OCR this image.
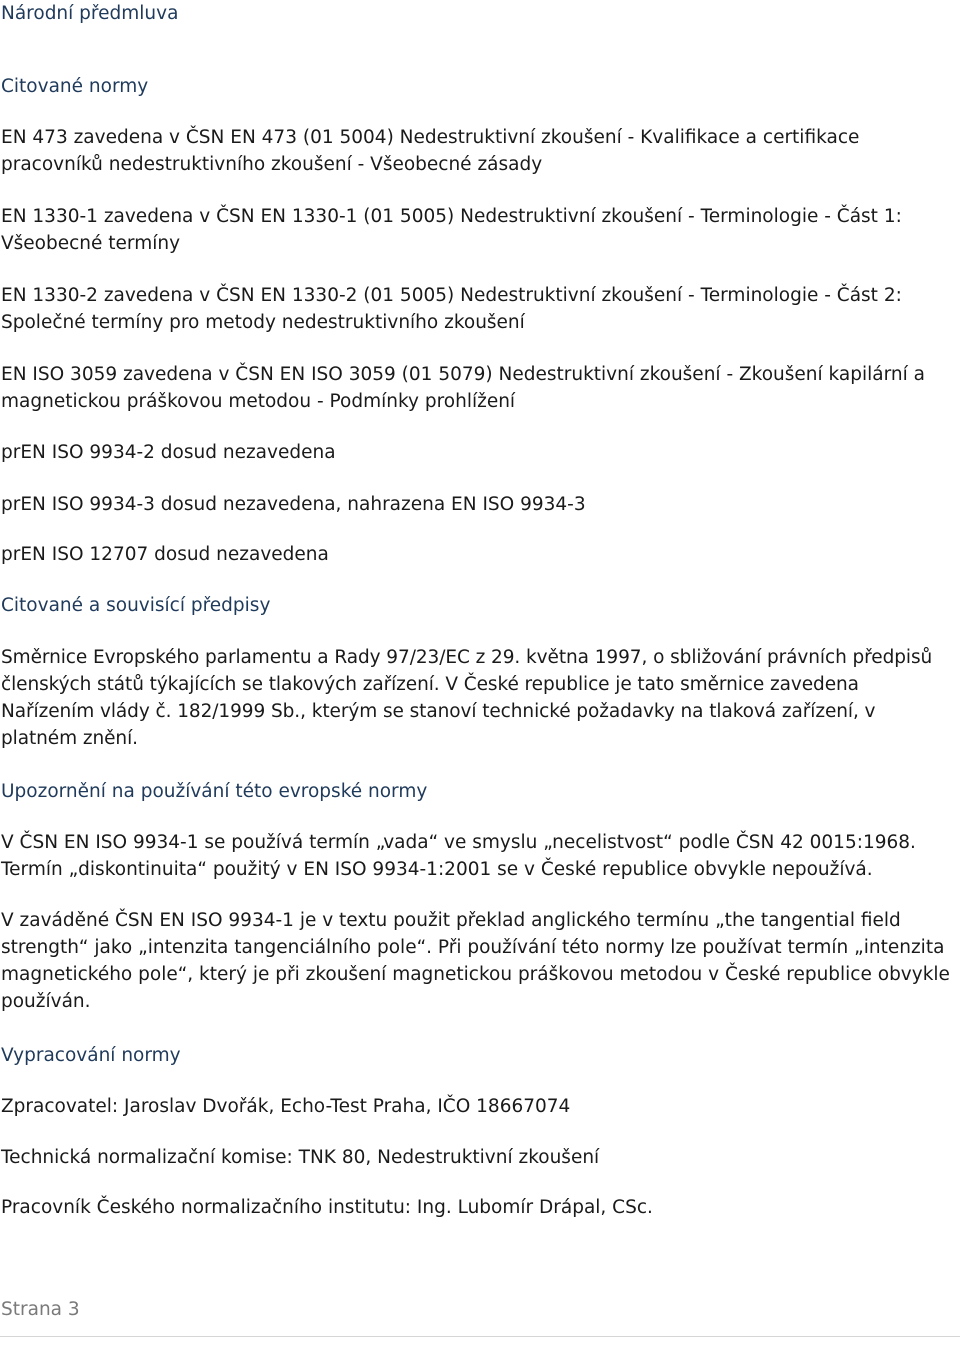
Národní předmluva

Citované normy

EN 473 zavedena v ČSN EN 473 (01 5004) Nedestruktivní zkoušení - Kvalifikace a certifikace pracovníků nedestruktivního zkoušení - Všeobecné zásady

EN 1330-1 zavedena v ČSN EN 1330-1 (01 5005) Nedestruktivní zkoušení - Terminologie - Část 1: Všeobecné termíny

EN 1330-2 zavedena v ČSN EN 1330-2 (01 5005) Nedestruktivní zkoušení - Terminologie - Část 2: Společné termíny pro metody nedestruktivního zkoušení

EN ISO 3059 zavedena v ČSN EN ISO 3059 (01 5079) Nedestruktivní zkoušení - Zkoušení kapilární a magnetickou práškovou metodou - Podmínky prohlížení

prEN ISO 9934-2 dosud nezavedena

prEN ISO 9934-3 dosud nezavedena, nahrazena EN ISO 9934-3

prEN ISO 12707 dosud nezavedena

Citované a souvisící předpisy

Směrnice Evropského parlamentu a Rady 97/23/EC z 29. května 1997, o sbližování právních předpisů členských států týkajících se tlakových zařízení. V České republice je tato směrnice zavedena Nařízením vlády č. 182/1999 Sb., kterým se stanoví technické požadavky na tlaková zařízení, v platném znění.

Upozornění na používání této evropské normy

V ČSN EN ISO 9934-1 se používá termín „vada“ ve smyslu „necelistvost“ podle ČSN 42 0015:1968. Termín „diskontinuita“ použitý v EN ISO 9934-1:2001 se v České republice obvykle nepoužívá.

V zaváděné ČSN EN ISO 9934-1 je v textu použit překlad anglického termínu „the tangential field strength“ jako „intenzita tangenciálního pole“. Při používání této normy lze používat termín „intenzita magnetického pole“, který je při zkoušení magnetickou práškovou metodou v České republice obvykle používán.

Vypracování normy

Zpracovatel: Jaroslav Dvořák, Echo-Test Praha, IČO 18667074

Technická normalizační komise: TNK 80, Nedestruktivní zkoušení

Pracovník Českého normalizačního institutu: Ing. Lubomír Drápal, CSc.

Strana 3
